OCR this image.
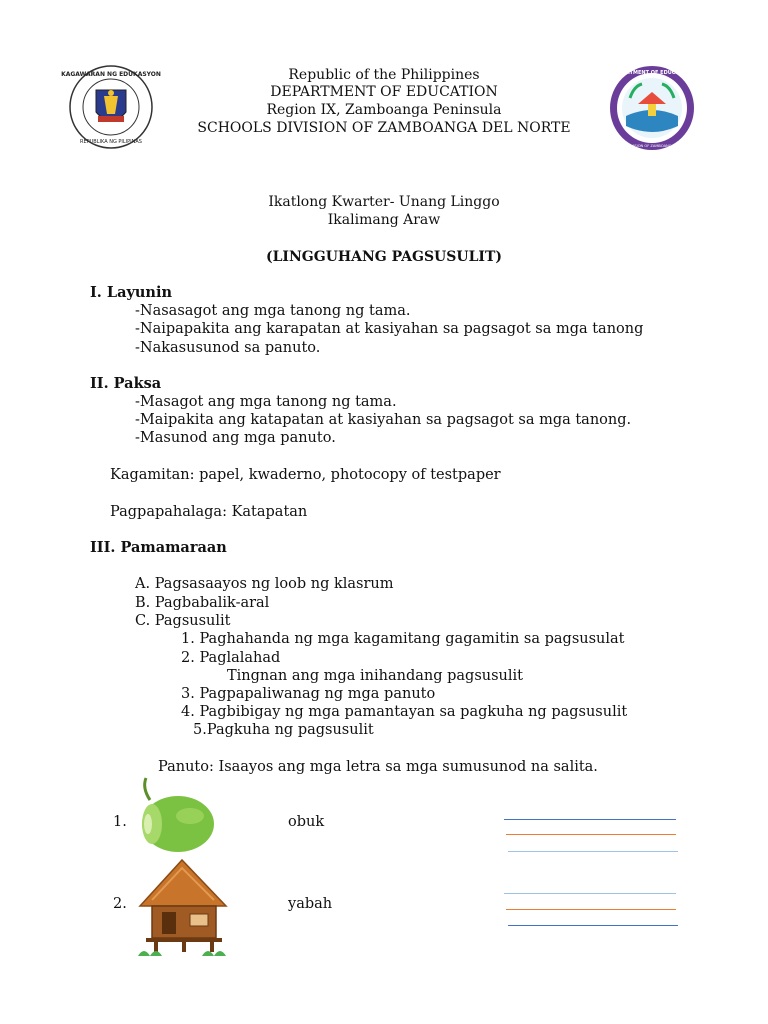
KAGAWARAN NG EDUKASYON
REPUBLIKA NG PILIPINAS
DEPARTMENT OF EDUCATION
SCHOOLS DIVISION OF ZAMBOANGA DEL NORTE
Republic of the Philippines
DEPARTMENT OF EDUCATION
Region IX, Zamboanga Peninsula
SCHOOLS DIVISION OF ZAMBOANGA DEL NORTE
Ikatlong Kwarter- Unang Linggo
Ikalimang Araw
(LINGGUHANG PAGSUSULIT)
I. Layunin
-Nasasagot ang mga tanong ng tama.
-Naipapakita ang karapatan at kasiyahan sa pagsagot sa mga tanong
-Nakasusunod sa panuto.
II. Paksa
-Masagot ang mga tanong ng tama.
-Maipakita ang katapatan at kasiyahan sa pagsagot sa mga tanong.
-Masunod ang mga panuto.
Kagamitan: papel, kwaderno, photocopy of testpaper
Pagpapahalaga: Katapatan
III. Pamamaraan
A. Pagsasaayos ng loob ng klasrum
B. Pagbabalik-aral
C. Pagsusulit
1. Paghahanda ng mga kagamitang gagamitin sa pagsusulat
2. Paglalahad
Tingnan ang mga inihandang pagsusulit
3. Pagpapaliwanag ng mga panuto
4. Pagbibigay ng mga pamantayan sa pagkuha ng pagsusulit
5.Pagkuha ng pagsusulit
Panuto: Isaayos ang mga letra sa mga sumusunod na salita.
1.	obuk
2.	yabah
